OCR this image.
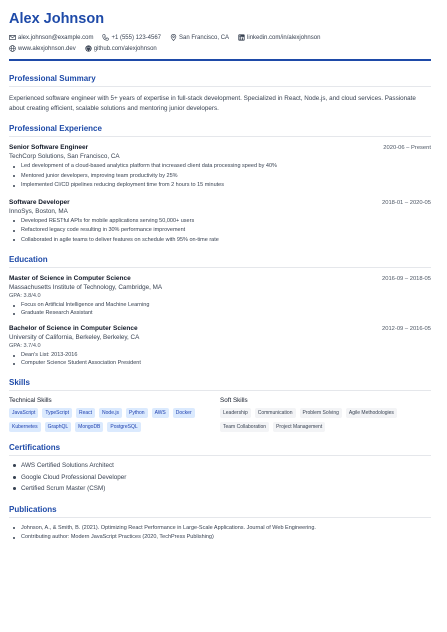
Alex Johnson
alex.johnson@example.com	+1 (555) 123-4567	San Francisco, CA	linkedin.com/in/alexjohnson
www.alexjohnson.dev	github.com/alexjohnson
Professional Summary
Experienced software engineer with 5+ years of expertise in full-stack development. Specialized in React, Node.js, and cloud services. Passionate about creating efficient, scalable solutions and mentoring junior developers.
Professional Experience
Senior Software Engineer	2020-06 – Present
TechCorp Solutions, San Francisco, CA
Led development of a cloud-based analytics platform that increased client data processing speed by 40%
Mentored junior developers, improving team productivity by 25%
Implemented CI/CD pipelines reducing deployment time from 2 hours to 15 minutes
Software Developer	2018-01 – 2020-05
InnoSys, Boston, MA
Developed RESTful APIs for mobile applications serving 50,000+ users
Refactored legacy code resulting in 30% performance improvement
Collaborated in agile teams to deliver features on schedule with 95% on-time rate
Education
Master of Science in Computer Science	2016-09 – 2018-05
Massachusetts Institute of Technology, Cambridge, MA
GPA: 3.8/4.0
Focus on Artificial Intelligence and Machine Learning
Graduate Research Assistant
Bachelor of Science in Computer Science	2012-09 – 2016-05
University of California, Berkeley, Berkeley, CA
GPA: 3.7/4.0
Dean's List: 2013-2016
Computer Science Student Association President
Skills
Technical Skills
JavaScript	TypeScript	React	Node.js	Python	AWS	Docker
Kubernetes	GraphQL	MongoDB	PostgreSQL
Soft Skills
Leadership	Communication	Problem Solving	Agile Methodologies
Team Collaboration	Project Management
Certifications
AWS Certified Solutions Architect
Google Cloud Professional Developer
Certified Scrum Master (CSM)
Publications
Johnson, A., & Smith, B. (2021). Optimizing React Performance in Large-Scale Applications. Journal of Web Engineering.
Contributing author: Modern JavaScript Practices (2020, TechPress Publishing)
